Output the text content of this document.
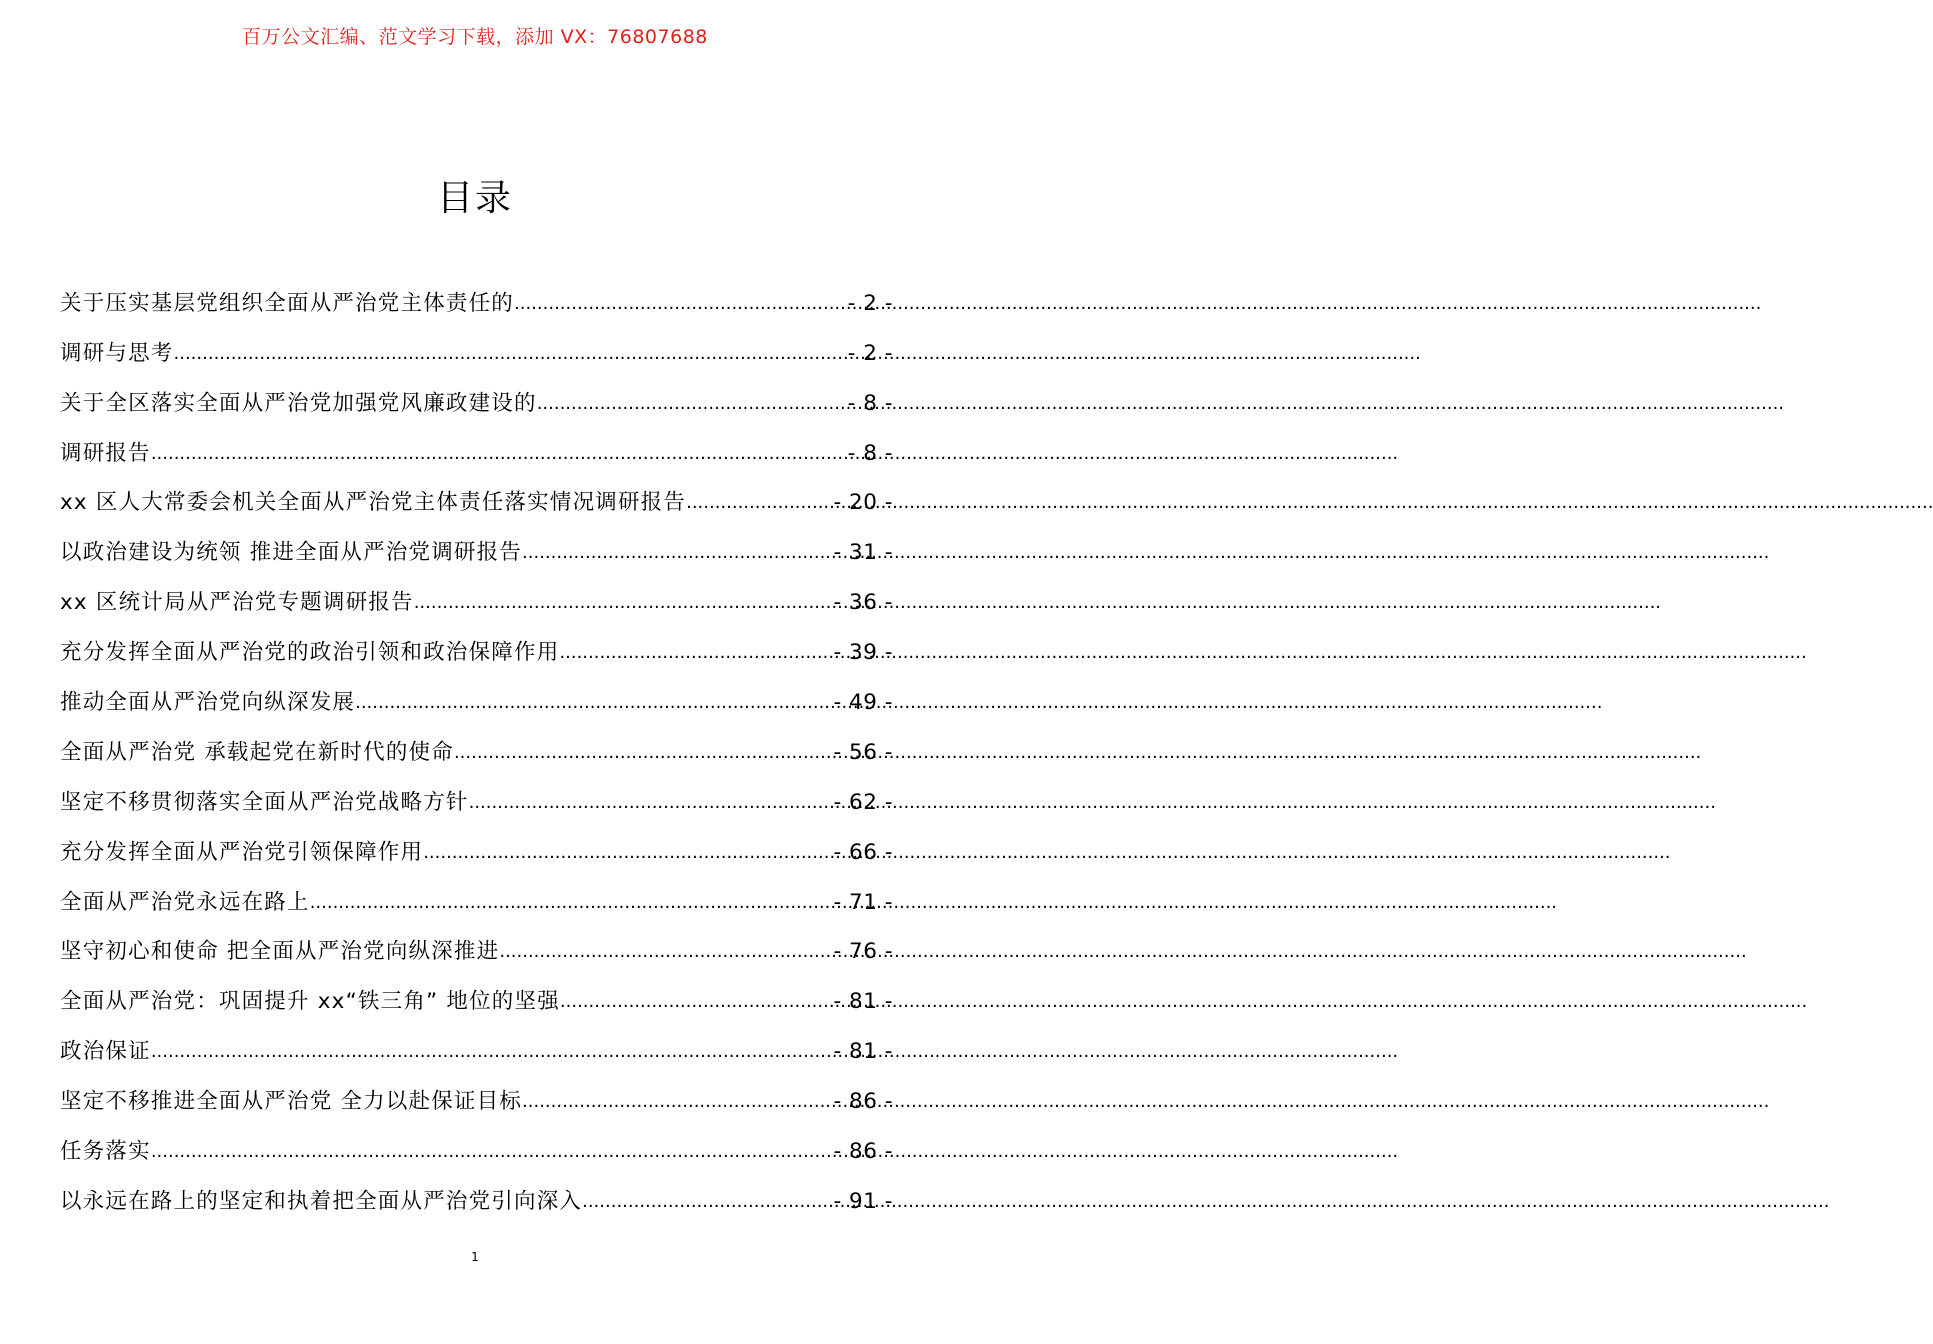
百万公文汇编、范文学习下载，添加 VX：76807688
目录
关于压实基层党组织全面从严治党主体责任的 .....	- 2 -
调研与思考 .....	- 2 -
关于全区落实全面从严治党加强党风廉政建设的 .....	- 8 -
调研报告 .....	- 8 -
xx 区人大常委会机关全面从严治党主体责任落实情况调研报告 .....	- 20 -
以政治建设为统领 推进全面从严治党调研报告 .....	- 31 -
xx 区统计局从严治党专题调研报告 .....	- 36 -
充分发挥全面从严治党的政治引领和政治保障作用 .....	- 39 -
推动全面从严治党向纵深发展 .....	- 49 -
全面从严治党 承载起党在新时代的使命 .....	- 56 -
坚定不移贯彻落实全面从严治党战略方针 .....	- 62 -
充分发挥全面从严治党引领保障作用 .....	- 66 -
全面从严治党永远在路上 .....	- 71 -
坚守初心和使命 把全面从严治党向纵深推进 .....	- 76 -
全面从严治党：巩固提升 xx“铁三角” 地位的坚强 .....	- 81 -
政治保证 .....	- 81 -
坚定不移推进全面从严治党 全力以赴保证目标 .....	- 86 -
任务落实 .....	- 86 -
以永远在路上的坚定和执着把全面从严治党引向深入 .....	- 91 -
1
